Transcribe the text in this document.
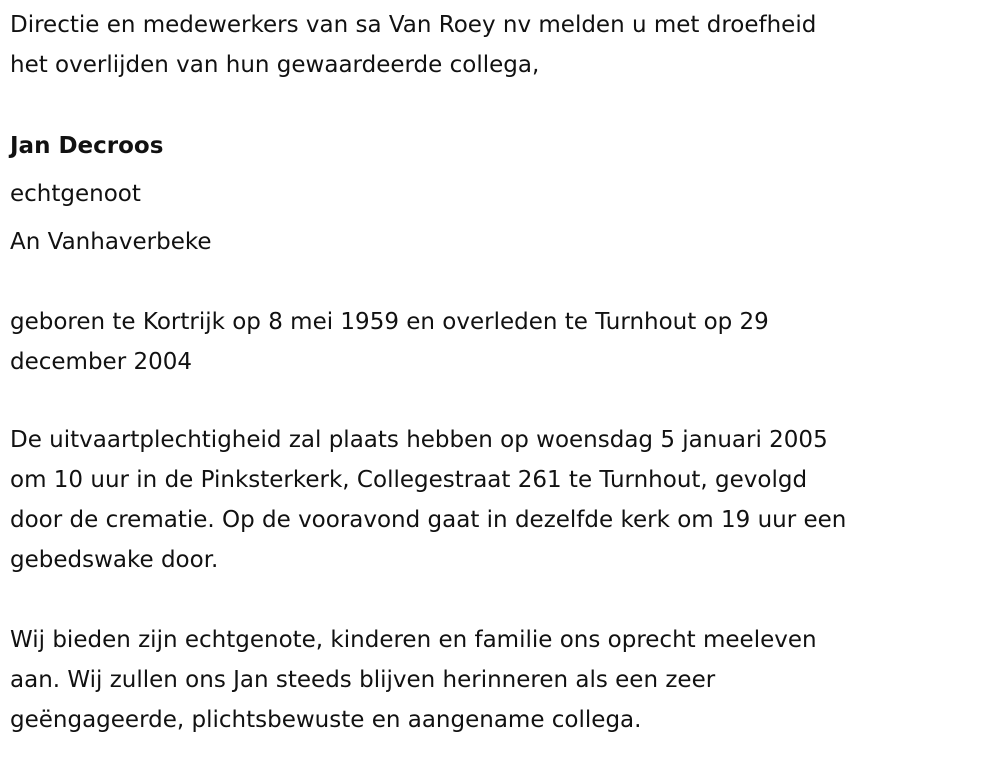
Directie en medewerkers van sa Van Roey nv melden u met droefheid
het overlijden van hun gewaardeerde collega,
Jan Decroos
echtgenoot
An Vanhaverbeke
geboren te Kortrijk op 8 mei 1959 en overleden te Turnhout op 29
december 2004
De uitvaartplechtigheid zal plaats hebben op woensdag 5 januari 2005
om 10 uur in de Pinksterkerk, Collegestraat 261 te Turnhout, gevolgd
door de crematie. Op de vooravond gaat in dezelfde kerk om 19 uur een
gebedswake door.
Wij bieden zijn echtgenote, kinderen en familie ons oprecht meeleven
aan. Wij zullen ons Jan steeds blijven herinneren als een zeer
geëngageerde, plichtsbewuste en aangename collega.
